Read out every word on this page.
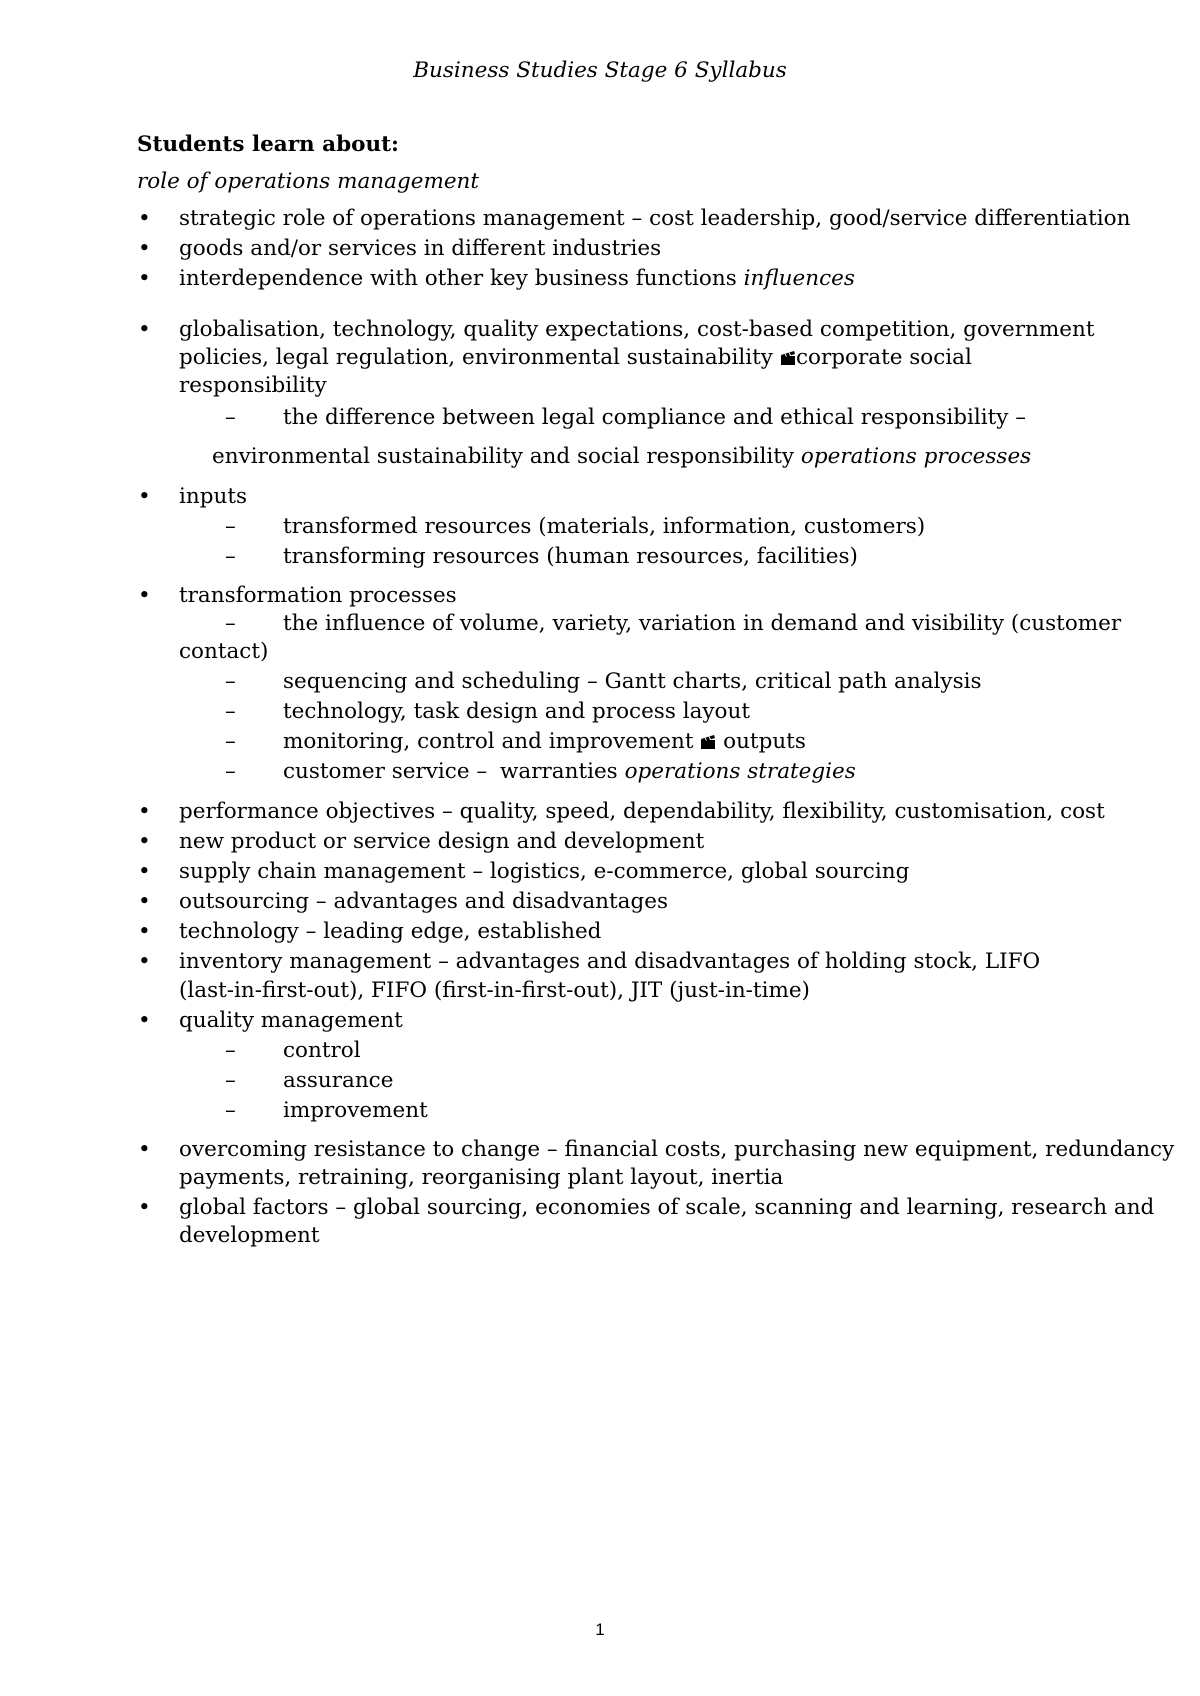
Business Studies Stage 6 Syllabus
Students learn about:
role of operations management
• strategic role of operations management – cost leadership, good/service differentiation
• goods and/or services in different industries
• interdependence with other key business functions influences
• globalisation, technology, quality expectations, cost-based competition, government
policies, legal regulation, environmental sustainability	corporate social
responsibility
– the difference between legal compliance and ethical responsibility –
environmental sustainability and social responsibility operations processes
• inputs
– transformed resources (materials, information, customers)
– transforming resources (human resources, facilities)
• transformation processes
– the influence of volume, variety, variation in demand and visibility (customer
contact)
– sequencing and scheduling – Gantt charts, critical path analysis
– technology, task design and process layout
– monitoring, control and improvement outputs
– customer service – warranties operations strategies
• performance objectives – quality, speed, dependability, flexibility, customisation, cost
• new product or service design and development
• supply chain management – logistics, e-commerce, global sourcing
• outsourcing – advantages and disadvantages
• technology – leading edge, established
• inventory management – advantages and disadvantages of holding stock, LIFO
(last-in-first-out), FIFO (first-in-first-out), JIT (just-in-time)
• quality management
– control
– assurance
– improvement
• overcoming resistance to change – financial costs, purchasing new equipment, redundancy
payments, retraining, reorganising plant layout, inertia
• global factors – global sourcing, economies of scale, scanning and learning, research and
development
1
